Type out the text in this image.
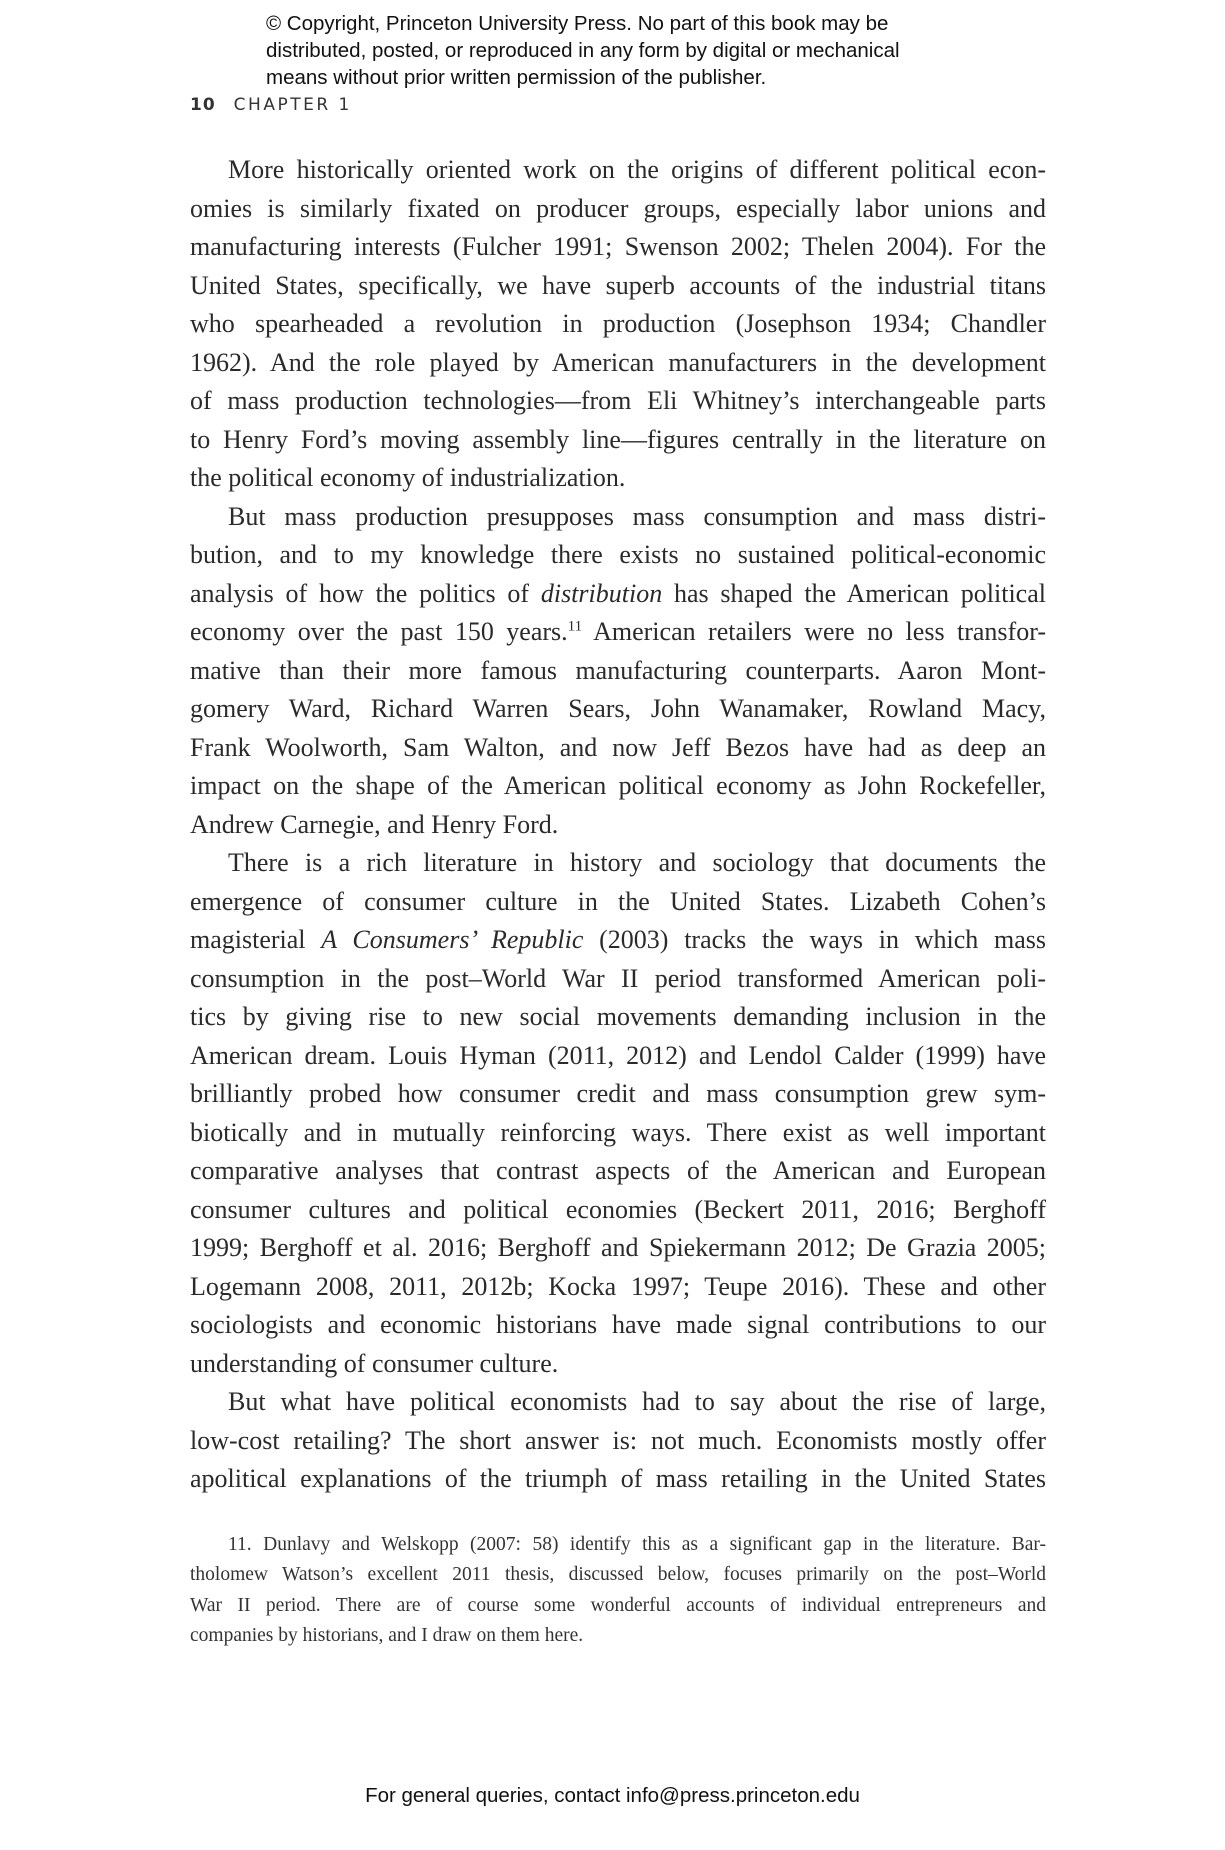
© Copyright, Princeton University Press. No part of this book may be
distributed, posted, or reproduced in any form by digital or mechanical
means without prior written permission of the publisher.
10 CHAPTER 1
More historically oriented work on the origins of different political econ-
omies is similarly fixated on producer groups, especially labor unions and
manufacturing interests (Fulcher 1991; Swenson 2002; Thelen 2004). For the
United States, specifically, we have superb accounts of the industrial titans
who spearheaded a revolution in production (Josephson 1934; Chandler
1962). And the role played by American manufacturers in the development
of mass production technologies—from Eli Whitney’s interchangeable parts
to Henry Ford’s moving assembly line—figures centrally in the literature on
the political economy of industrialization.
But mass production presupposes mass consumption and mass distri-
bution, and to my knowledge there exists no sustained political-economic
analysis of how the politics of distribution has shaped the American political
economy over the past 150 years.$^{11}$ American retailers were no less transfor-
mative than their more famous manufacturing counterparts. Aaron Mont-
gomery Ward, Richard Warren Sears, John Wanamaker, Rowland Macy,
Frank Woolworth, Sam Walton, and now Jeff Bezos have had as deep an
impact on the shape of the American political economy as John Rockefeller,
Andrew Carnegie, and Henry Ford.
There is a rich literature in history and sociology that documents the
emergence of consumer culture in the United States. Lizabeth Cohen’s
magisterial A Consumers’ Republic (2003) tracks the ways in which mass
consumption in the post–World War II period transformed American poli-
tics by giving rise to new social movements demanding inclusion in the
American dream. Louis Hyman (2011, 2012) and Lendol Calder (1999) have
brilliantly probed how consumer credit and mass consumption grew sym-
biotically and in mutually reinforcing ways. There exist as well important
comparative analyses that contrast aspects of the American and European
consumer cultures and political economies (Beckert 2011, 2016; Berghoff
1999; Berghoff et al. 2016; Berghoff and Spiekermann 2012; De Grazia 2005;
Logemann 2008, 2011, 2012b; Kocka 1997; Teupe 2016). These and other
sociologists and economic historians have made signal contributions to our
understanding of consumer culture.
But what have political economists had to say about the rise of large,
low-cost retailing? The short answer is: not much. Economists mostly offer
apolitical explanations of the triumph of mass retailing in the United States
11. Dunlavy and Welskopp (2007: 58) identify this as a significant gap in the literature. Bar-
tholomew Watson’s excellent 2011 thesis, discussed below, focuses primarily on the post–World
War II period. There are of course some wonderful accounts of individual entrepreneurs and
companies by historians, and I draw on them here.
For general queries, contact info@press.princeton.edu
